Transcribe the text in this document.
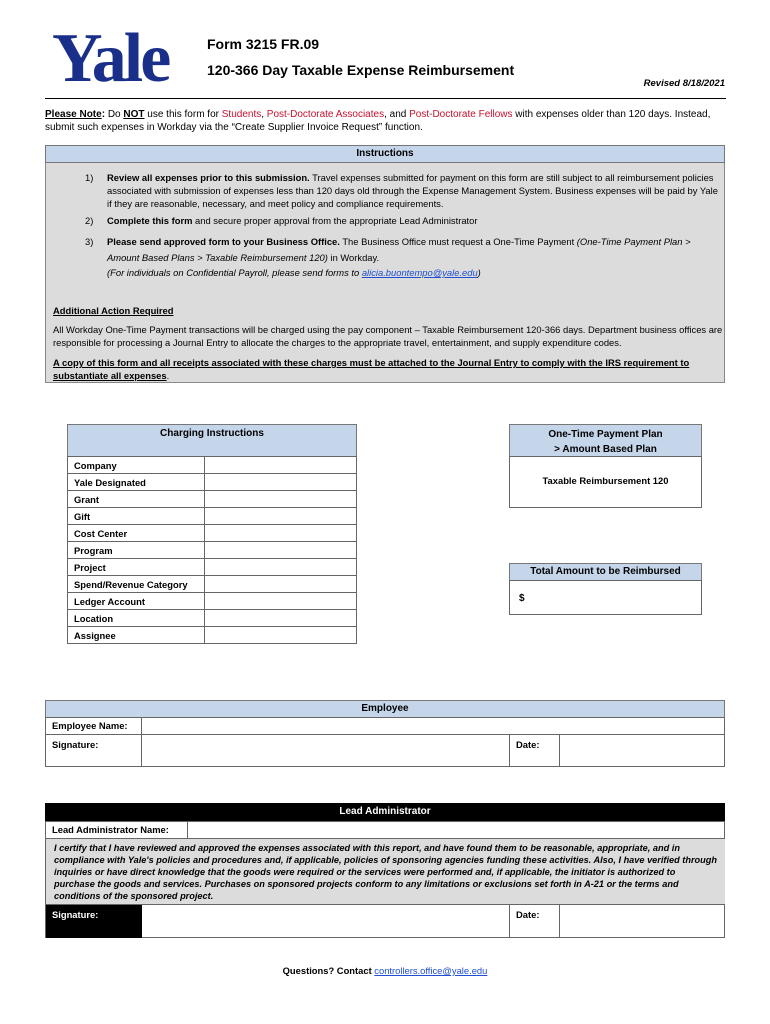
Yale	Form 3215 FR.09
120-366 Day Taxable Expense Reimbursement
Revised 8/18/2021
Please Note: Do NOT use this form for Students, Post-Doctorate Associates, and Post-Doctorate Fellows with expenses older than 120 days. Instead, submit such expenses in Workday via the “Create Supplier Invoice Request” function.
Instructions
1) Review all expenses prior to this submission. Travel expenses submitted for payment on this form are still subject to all reimbursement policies associated with submission of expenses less than 120 days old through the Expense Management System. Business expenses will be paid by Yale if they are reasonable, necessary, and meet policy and compliance requirements.
2) Complete this form and secure proper approval from the appropriate Lead Administrator
3) Please send approved form to your Business Office. The Business Office must request a One-Time Payment (One-Time Payment Plan > Amount Based Plans > Taxable Reimbursement 120) in Workday.
(For individuals on Confidential Payroll, please send forms to alicia.buontempo@yale.edu)
Additional Action Required
All Workday One-Time Payment transactions will be charged using the pay component – Taxable Reimbursement 120-366 days. Department business offices are responsible for processing a Journal Entry to allocate the charges to the appropriate travel, entertainment, and supply expenditure codes.
A copy of this form and all receipts associated with these charges must be attached to the Journal Entry to comply with the IRS requirement to substantiate all expenses.
Charging Instructions
Company	
Yale Designated	
Grant	
Gift	
Cost Center	
Program	
Project	
Spend/Revenue Category	
Ledger Account	
Location	
Assignee	
One-Time Payment Plan
> Amount Based Plan
Taxable Reimbursement 120
Total Amount to be Reimbursed
$
Employee
Employee Name:
Signature:	Date:
Lead Administrator
Lead Administrator Name:
I certify that I have reviewed and approved the expenses associated with this report, and have found them to be reasonable, appropriate, and in compliance with Yale's policies and procedures and, if applicable, policies of sponsoring agencies funding these activities. Also, I have verified through inquiries or have direct knowledge that the goods were required or the services were performed and, if applicable, the initiator is authorized to purchase the goods and services. Purchases on sponsored projects conform to any limitations or exclusions set forth in A-21 or the terms and conditions of the sponsored project.
Signature:	Date:
Questions? Contact controllers.office@yale.edu
